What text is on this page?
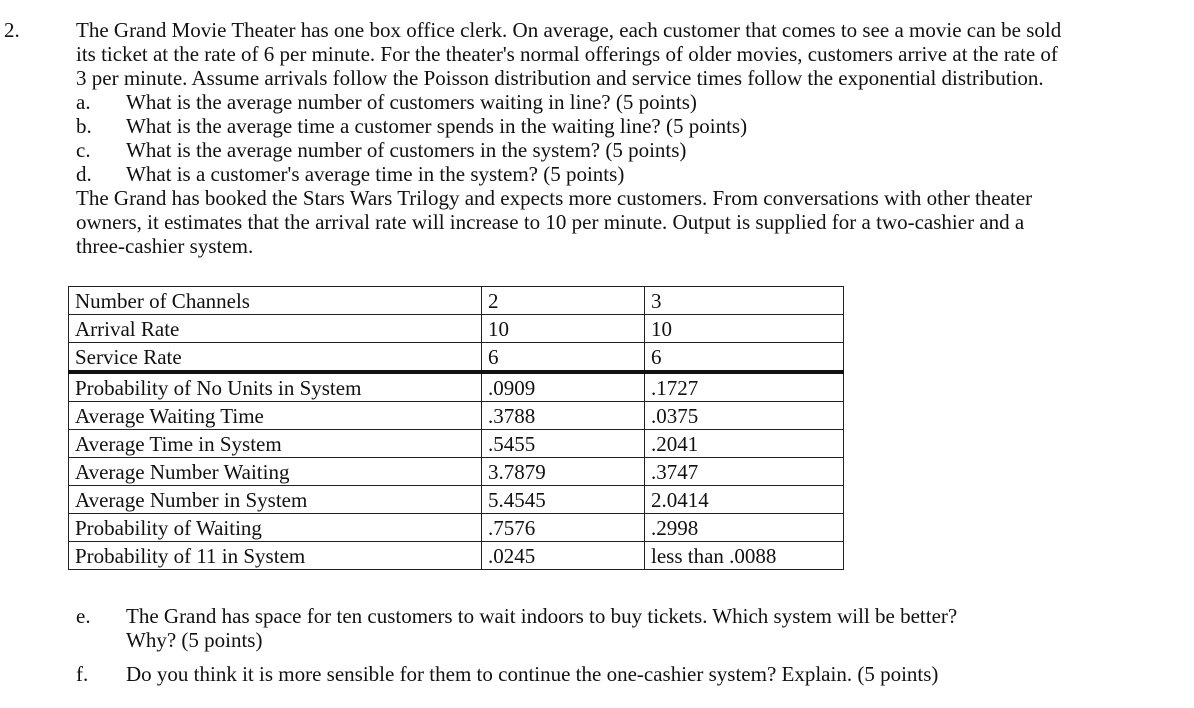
2.	The Grand Movie Theater has one box office clerk. On average, each customer that comes to see a movie can be sold
its ticket at the rate of 6 per minute. For the theater's normal offerings of older movies, customers arrive at the rate of
3 per minute. Assume arrivals follow the Poisson distribution and service times follow the exponential distribution.
a.	What is the average number of customers waiting in line? (5 points)
b.	What is the average time a customer spends in the waiting line? (5 points)
c.	What is the average number of customers in the system? (5 points)
d.	What is a customer's average time in the system? (5 points)
The Grand has booked the Stars Wars Trilogy and expects more customers. From conversations with other theater
owners, it estimates that the arrival rate will increase to 10 per minute. Output is supplied for a two-cashier and a
three-cashier system.
Number of Channels	2	3
Arrival Rate	10	10
Service Rate	6	6
Probability of No Units in System	.0909	.1727
Average Waiting Time	.3788	.0375
Average Time in System	.5455	.2041
Average Number Waiting	3.7879	.3747
Average Number in System	5.4545	2.0414
Probability of Waiting	.7576	.2998
Probability of 11 in System	.0245	less than .0088
e.	The Grand has space for ten customers to wait indoors to buy tickets. Which system will be better?
Why? (5 points)
f.	Do you think it is more sensible for them to continue the one-cashier system? Explain. (5 points)
